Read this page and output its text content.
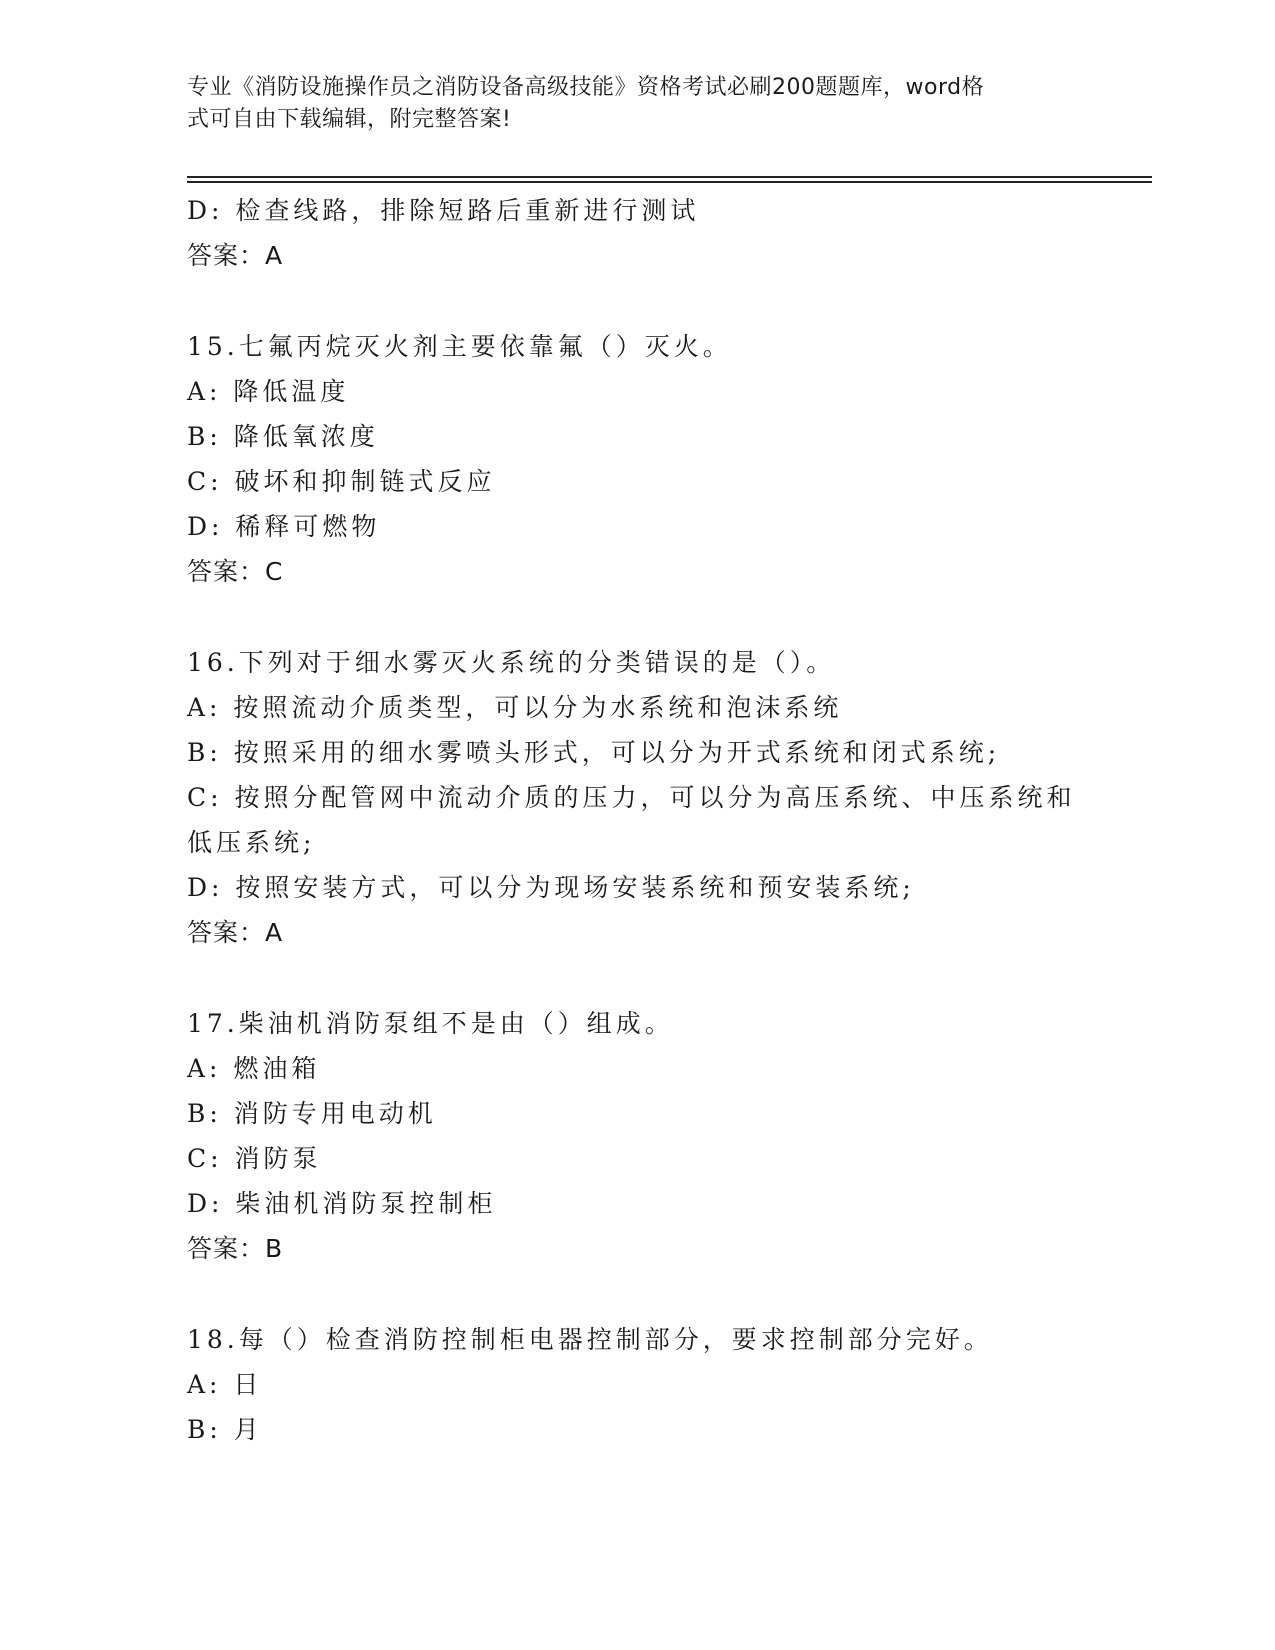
专业《消防设施操作员之消防设备高级技能》资格考试必刷200题题库，word格
式可自由下载编辑，附完整答案!
D: 检查线路，排除短路后重新进行测试
答案：A
15.七氟丙烷灭火剂主要依靠氟（）灭火。
A: 降低温度
B: 降低氧浓度
C: 破坏和抑制链式反应
D: 稀释可燃物
答案：C
16.下列对于细水雾灭火系统的分类错误的是（）。
A: 按照流动介质类型，可以分为水系统和泡沫系统
B: 按照采用的细水雾喷头形式，可以分为开式系统和闭式系统;
C: 按照分配管网中流动介质的压力，可以分为高压系统、中压系统和
低压系统;
D: 按照安装方式，可以分为现场安装系统和预安装系统;
答案：A
17.柴油机消防泵组不是由（）组成。
A: 燃油箱
B: 消防专用电动机
C: 消防泵
D: 柴油机消防泵控制柜
答案：B
18.每（）检查消防控制柜电器控制部分，要求控制部分完好。
A: 日
B: 月
